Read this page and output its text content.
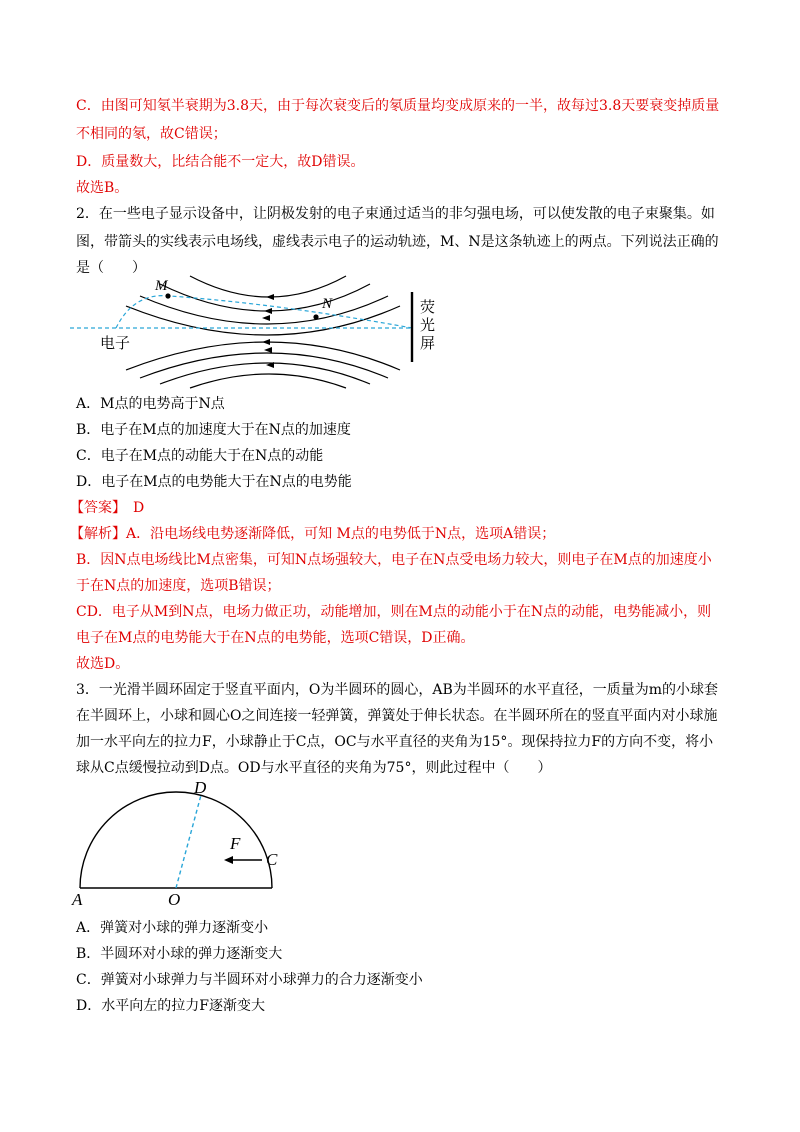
C．由图可知氡半衰期为3.8天，由于每次衰变后的氡质量均变成原来的一半，故每过3.8天要衰变掉质量
不相同的氡，故C错误；
D．质量数大，比结合能不一定大，故D错误。
故选B。
2．在一些电子显示设备中，让阴极发射的电子束通过适当的非匀强电场，可以使发散的电子束聚集。如
图，带箭头的实线表示电场线，虚线表示电子的运动轨迹，M、N是这条轨迹上的两点。下列说法正确的
是（　　）
M
N
电子
荧
光
屏
A．M点的电势高于N点
B．电子在M点的加速度大于在N点的加速度
C．电子在M点的动能大于在N点的动能
D．电子在M点的电势能大于在N点的电势能
【答案】　D
【解析】A．沿电场线电势逐渐降低，可知 M点的电势低于N点，选项A错误；
B．因N点电场线比M点密集，可知N点场强较大，电子在N点受电场力较大，则电子在M点的加速度小
于在N点的加速度，选项B错误；
CD．电子从M到N点，电场力做正功，动能增加，则在M点的动能小于在N点的动能，电势能减小，则
电子在M点的电势能大于在N点的电势能，选项C错误，D正确。
故选D。
3．一光滑半圆环固定于竖直平面内，O为半圆环的圆心，AB为半圆环的水平直径，一质量为m的小球套
在半圆环上，小球和圆心O之间连接一轻弹簧，弹簧处于伸长状态。在半圆环所在的竖直平面内对小球施
加一水平向左的拉力F，小球静止于C点，OC与水平直径的夹角为15°。现保持拉力F的方向不变，将小
球从C点缓慢拉动到D点。OD与水平直径的夹角为75°，则此过程中（　　）
D
F
C
A	O
A．弹簧对小球的弹力逐渐变小
B．半圆环对小球的弹力逐渐变大
C．弹簧对小球弹力与半圆环对小球弹力的合力逐渐变小
D．水平向左的拉力F逐渐变大
